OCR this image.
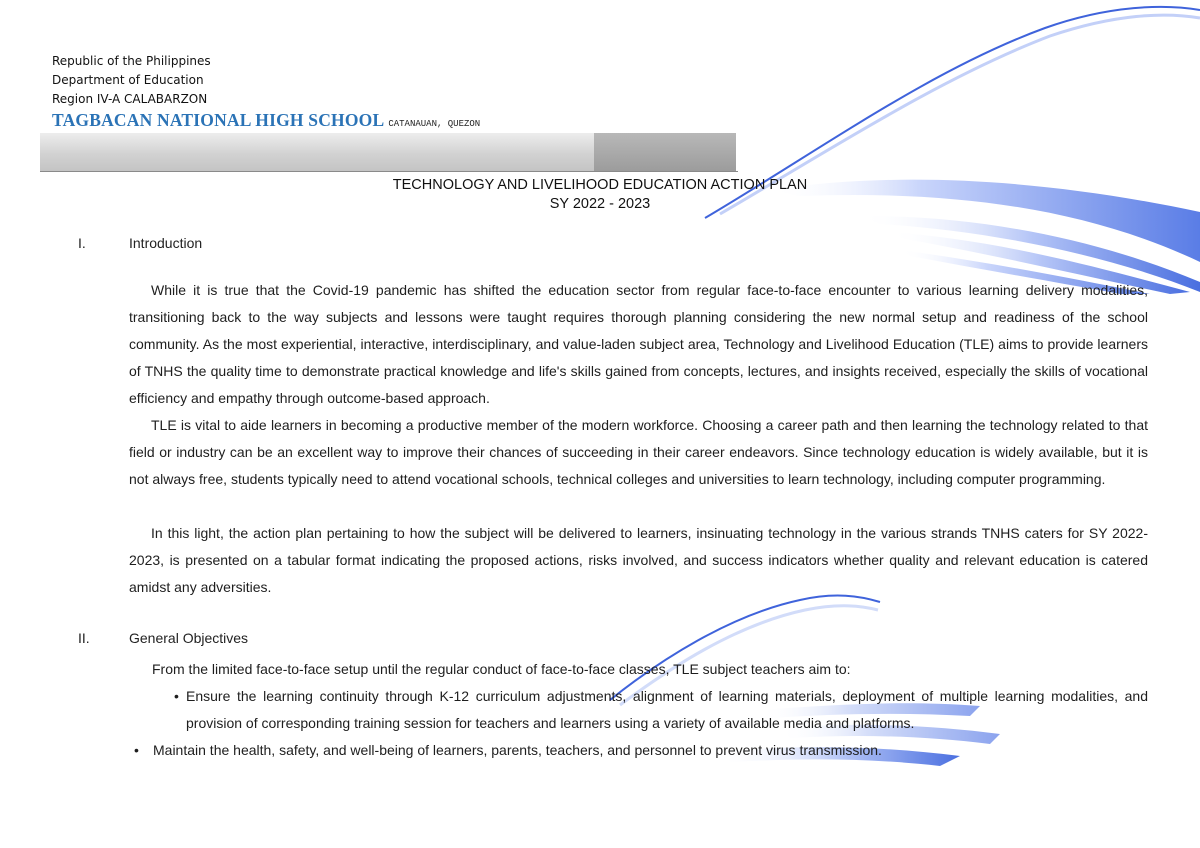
Republic of the Philippines
Department of Education
Region IV-A CALABARZON
TAGBACAN NATIONAL HIGH SCHOOL CATANAUAN, QUEZON
TECHNOLOGY AND LIVELIHOOD EDUCATION ACTION PLAN
SY 2022 - 2023
I.	Introduction

While it is true that the Covid-19 pandemic has shifted the education sector from regular face-to-face encounter to various learning delivery modalities, transitioning back to the way subjects and lessons were taught requires thorough planning considering the new normal setup and readiness of the school community. As the most experiential, interactive, interdisciplinary, and value-laden subject area, Technology and Livelihood Education (TLE) aims to provide learners of TNHS the quality time to demonstrate practical knowledge and life's skills gained from concepts, lectures, and insights received, especially the skills of vocational efficiency and empathy through outcome-based approach.

TLE is vital to aide learners in becoming a productive member of the modern workforce. Choosing a career path and then learning the technology related to that field or industry can be an excellent way to improve their chances of succeeding in their career endeavors. Since technology education is widely available, but it is not always free, students typically need to attend vocational schools, technical colleges and universities to learn technology, including computer programming.

In this light, the action plan pertaining to how the subject will be delivered to learners, insinuating technology in the various strands TNHS caters for SY 2022-2023, is presented on a tabular format indicating the proposed actions, risks involved, and success indicators whether quality and relevant education is catered amidst any adversities.

II.	General Objectives
From the limited face-to-face setup until the regular conduct of face-to-face classes, TLE subject teachers aim to:
• Ensure the learning continuity through K-12 curriculum adjustments, alignment of learning materials, deployment of multiple learning modalities, and provision of corresponding training session for teachers and learners using a variety of available media and platforms.
• Maintain the health, safety, and well-being of learners, parents, teachers, and personnel to prevent virus transmission.
